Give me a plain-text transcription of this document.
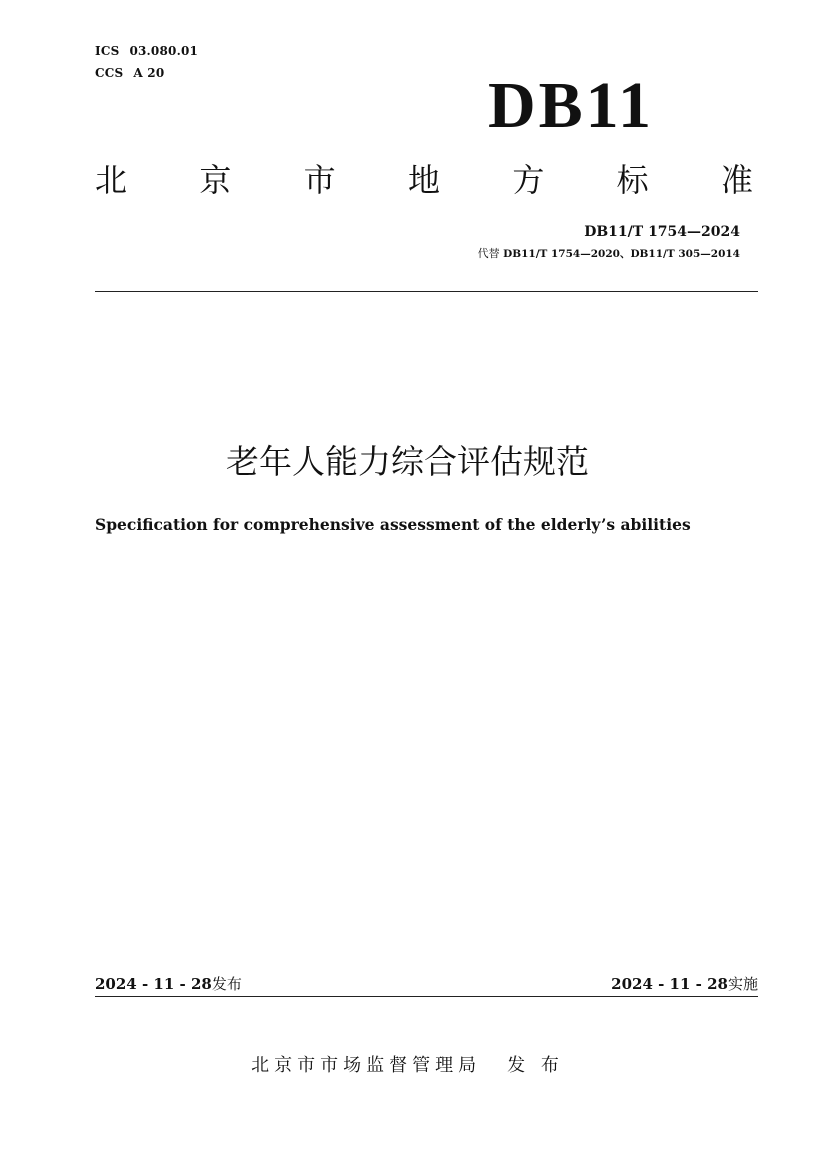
ICS 03.080.01
CCS A 20	DB11
北 京 市 地 方 标 准
DB11/T 1754—2024
代替 DB11/T 1754—2020、DB11/T 305—2014
老年人能力综合评估规范
Specification for comprehensive assessment of the elderly’s abilities
2024 - 11 - 28发布	2024 - 11 - 28实施
北京市市场监督管理局 发 布
